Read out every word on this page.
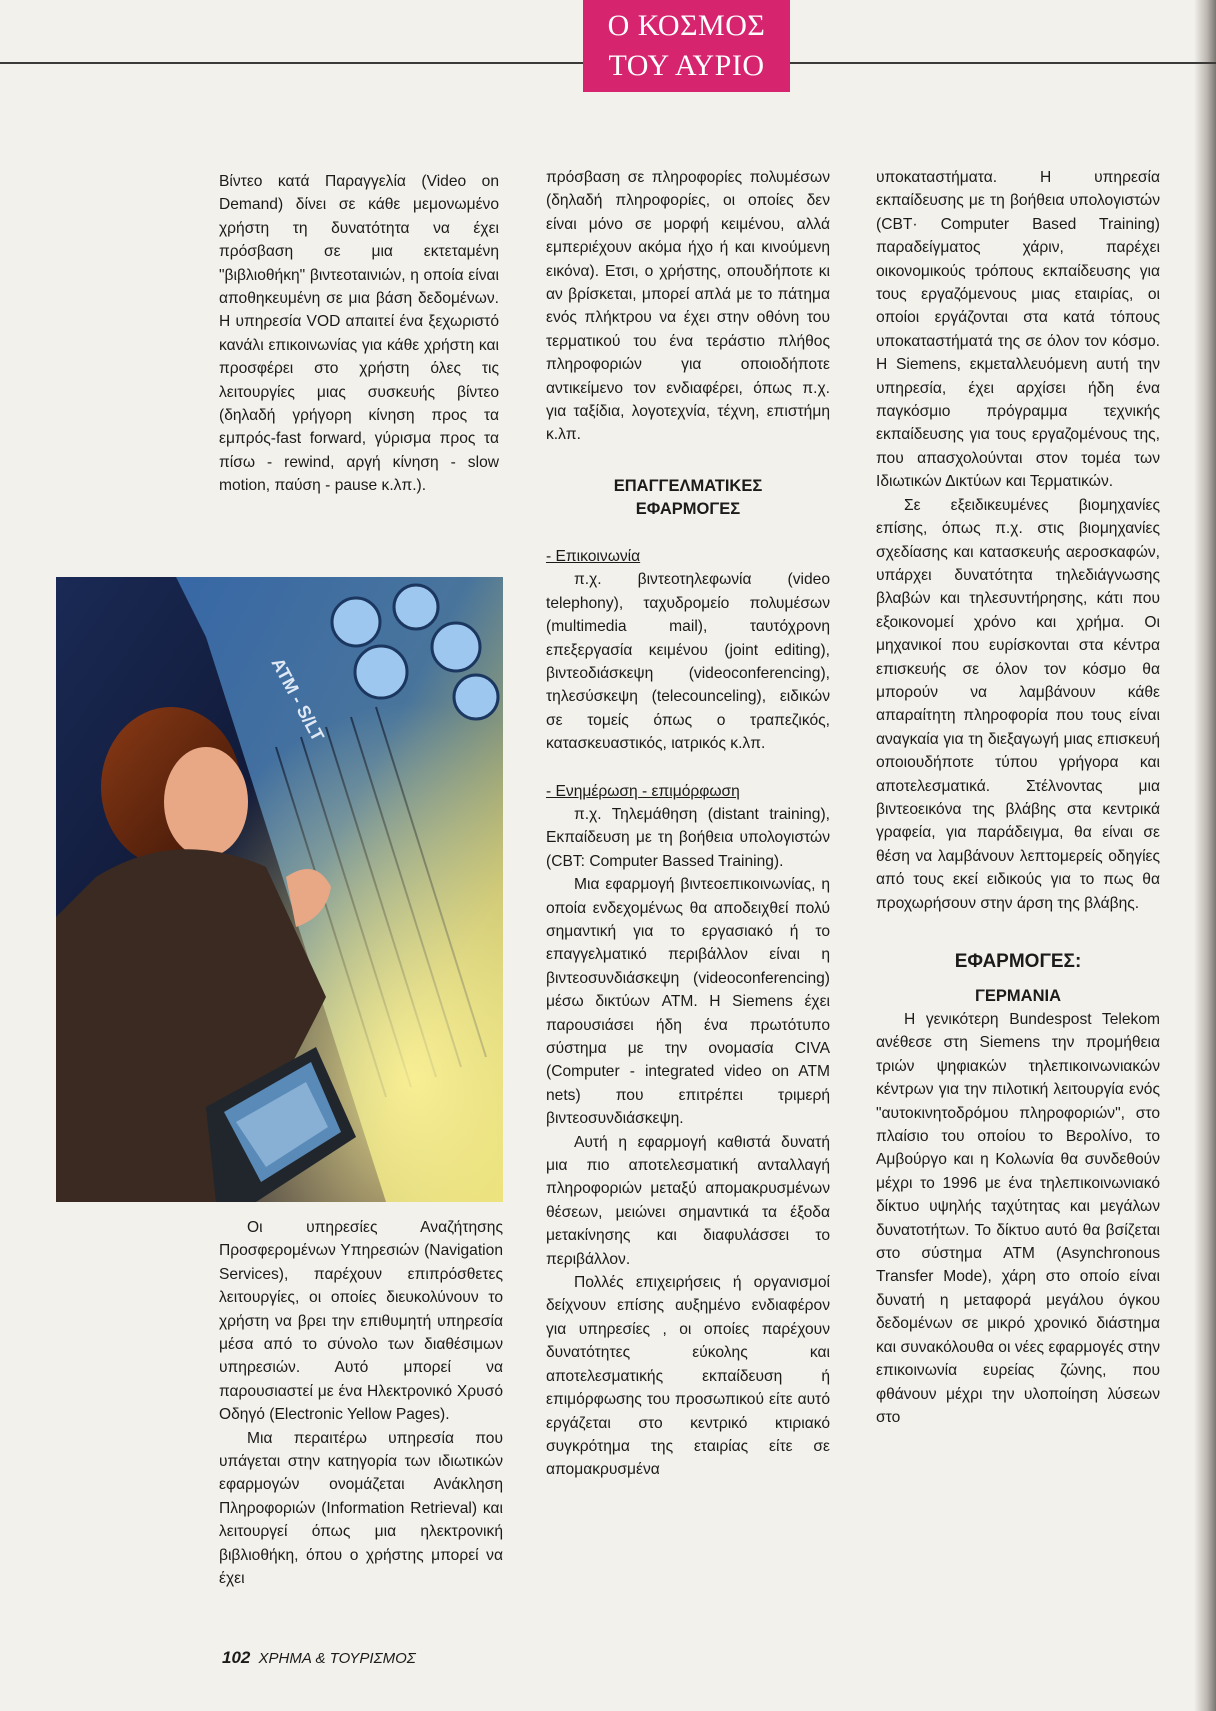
Ο ΚΟΣΜΟΣ
ΤΟΥ ΑΥΡΙΟ

Βίντεο κατά Παραγγελία (Video on Demand) δίνει σε κάθε μεμονωμένο χρήστη τη δυνατότητα να έχει πρόσβαση σε μια εκτεταμένη "βιβλιοθήκη" βιντεοταινιών, η οποία είναι αποθηκευμένη σε μια βάση δεδομένων. Η υπηρεσία VOD απαιτεί ένα ξεχωριστό κανάλι επικοινωνίας για κάθε χρήστη και προσφέρει στο χρήστη όλες τις λειτουργίες μιας συσκευής βίντεο (δηλαδή γρήγορη κίνηση προς τα εμπρός-fast forward, γύρισμα προς τα πίσω - rewind, αργή κίνηση - slow motion, παύση - pause κ.λπ.).

Οι υπηρεσίες Αναζήτησης Προσφερομένων Υπηρεσιών (Navigation Services), παρέχουν επιπρόσθετες λειτουργίες, οι οποίες διευκολύνουν το χρήστη να βρει την επιθυμητή υπηρεσία μέσα από το σύνολο των διαθέσιμων υπηρεσιών. Αυτό μπορεί να παρουσιαστεί με ένα Ηλεκτρονικό Χρυσό Οδηγό (Electronic Yellow Pages).

Μια περαιτέρω υπηρεσία που υπάγεται στην κατηγορία των ιδιωτικών εφαρμογών ονομάζεται Ανάκληση Πληροφοριών (Information Retrieval) και λειτουργεί όπως μια ηλεκτρονική βιβλιοθήκη, όπου ο χρήστης μπορεί να έχει

πρόσβαση σε πληροφορίες πολυμέσων (δηλαδή πληροφορίες, οι οποίες δεν είναι μόνο σε μορφή κειμένου, αλλά εμπεριέχουν ακόμα ήχο ή και κινούμενη εικόνα). Ετσι, ο χρήστης, οπουδήποτε κι αν βρίσκεται, μπορεί απλά με το πάτημα ενός πλήκτρου να έχει στην οθόνη του τερματικού του ένα τεράστιο πλήθος πληροφοριών για οποιοδήποτε αντικείμενο τον ενδιαφέρει, όπως π.χ. για ταξίδια, λογοτεχνία, τέχνη, επιστήμη κ.λπ.

ΕΠΑΓΓΕΛΜΑΤΙΚΕΣ
ΕΦΑΡΜΟΓΕΣ

- Επικοινωνία

π.χ. βιντεοτηλεφωνία (video telephony), ταχυδρομείο πολυμέσων (multimedia mail), ταυτόχρονη επεξεργασία κειμένου (joint editing), βιντεοδιάσκεψη (videoconferencing), τηλεσύσκεψη (telecounceling), ειδικών σε τομείς όπως ο τραπεζικός, κατασκευαστικός, ιατρικός κ.λπ.

- Ενημέρωση - επιμόρφωση

π.χ. Τηλεμάθηση (distant training), Εκπαίδευση με τη βοήθεια υπολογιστών (CBT: Computer Bassed Training).

Μια εφαρμογή βιντεοεπικοινωνίας, η οποία ενδεχομένως θα αποδειχθεί πολύ σημαντική για το εργασιακό ή το επαγγελματικό περιβάλλον είναι η βιντεοσυνδιάσκεψη (videoconferencing) μέσω δικτύων ATM. Η Siemens έχει παρουσιάσει ήδη ένα πρωτότυπο σύστημα με την ονομασία CIVA (Computer - integrated video on ATM nets) που επιτρέπει τριμερή βιντεοσυνδιάσκεψη.

Αυτή η εφαρμογή καθιστά δυνατή μια πιο αποτελεσματική ανταλλαγή πληροφοριών μεταξύ απομακρυσμένων θέσεων, μειώνει σημαντικά τα έξοδα μετακίνησης και διαφυλάσσει το περιβάλλον.

Πολλές επιχειρήσεις ή οργανισμοί δείχνουν επίσης αυξημένο ενδιαφέρον για υπηρεσίες , οι οποίες παρέχουν δυνατότητες εύκολης και αποτελεσματικής εκπαίδευση ή επιμόρφωσης του προσωπικού είτε αυτό εργάζεται στο κεντρικό κτιριακό συγκρότημα της εταιρίας είτε σε απομακρυσμένα

υποκαταστήματα. Η υπηρεσία εκπαίδευσης με τη βοήθεια υπολογιστών (CBT· Computer Based Training) παραδείγματος χάριν, παρέχει οικονομικούς τρόπους εκπαίδευσης για τους εργαζόμενους μιας εταιρίας, οι οποίοι εργάζονται στα κατά τόπους υποκαταστήματά της σε όλον τον κόσμο. Η Siemens, εκμεταλλευόμενη αυτή την υπηρεσία, έχει αρχίσει ήδη ένα παγκόσμιο πρόγραμμα τεχνικής εκπαίδευσης για τους εργαζομένους της, που απασχολούνται στον τομέα των Ιδιωτικών Δικτύων και Τερματικών.

Σε εξειδικευμένες βιομηχανίες επίσης, όπως π.χ. στις βιομηχανίες σχεδίασης και κατασκευής αεροσκαφών, υπάρχει δυνατότητα τηλεδιάγνωσης βλαβών και τηλεσυντήρησης, κάτι που εξοικονομεί χρόνο και χρήμα. Οι μηχανικοί που ευρίσκονται στα κέντρα επισκευής σε όλον τον κόσμο θα μπορούν να λαμβάνουν κάθε απαραίτητη πληροφορία που τους είναι αναγκαία για τη διεξαγωγή μιας επισκευή οποιουδήποτε τύπου γρήγορα και αποτελεσματικά. Στέλνοντας μια βιντεοεικόνα της βλάβης στα κεντρικά γραφεία, για παράδειγμα, θα είναι σε θέση να λαμβάνουν λεπτομερείς οδηγίες από τους εκεί ειδικούς για το πως θα προχωρήσουν στην άρση της βλάβης.

ΕΦΑΡΜΟΓΕΣ:
ΓΕΡΜΑΝΙΑ

Η γενικότερη Bundespost Telekom ανέθεσε στη Siemens την προμήθεια τριών ψηφιακών τηλεπικοινωνιακών κέντρων για την πιλοτική λειτουργία ενός "αυτοκινητοδρόμου πληροφοριών", στο πλαίσιο του οποίου το Βερολίνο, το Αμβούργο και η Κολωνία θα συνδεθούν μέχρι το 1996 με ένα τηλεπικοινωνιακό δίκτυο υψηλής ταχύτητας και μεγάλων δυνατοτήτων. Το δίκτυο αυτό θα βσίζεται στο σύστημα ATM (Asynchronous Transfer Mode), χάρη στο οποίο είναι δυνατή η μεταφορά μεγάλου όγκου δεδομένων σε μικρό χρονικό διάστημα και συνακόλουθα οι νέες εφαρμογές στην επικοινωνία ευρείας ζώνης, που φθάνουν μέχρι την υλοποίηση λύσεων στο

102 ΧΡΗΜΑ & ΤΟΥΡΙΣΜΟΣ
